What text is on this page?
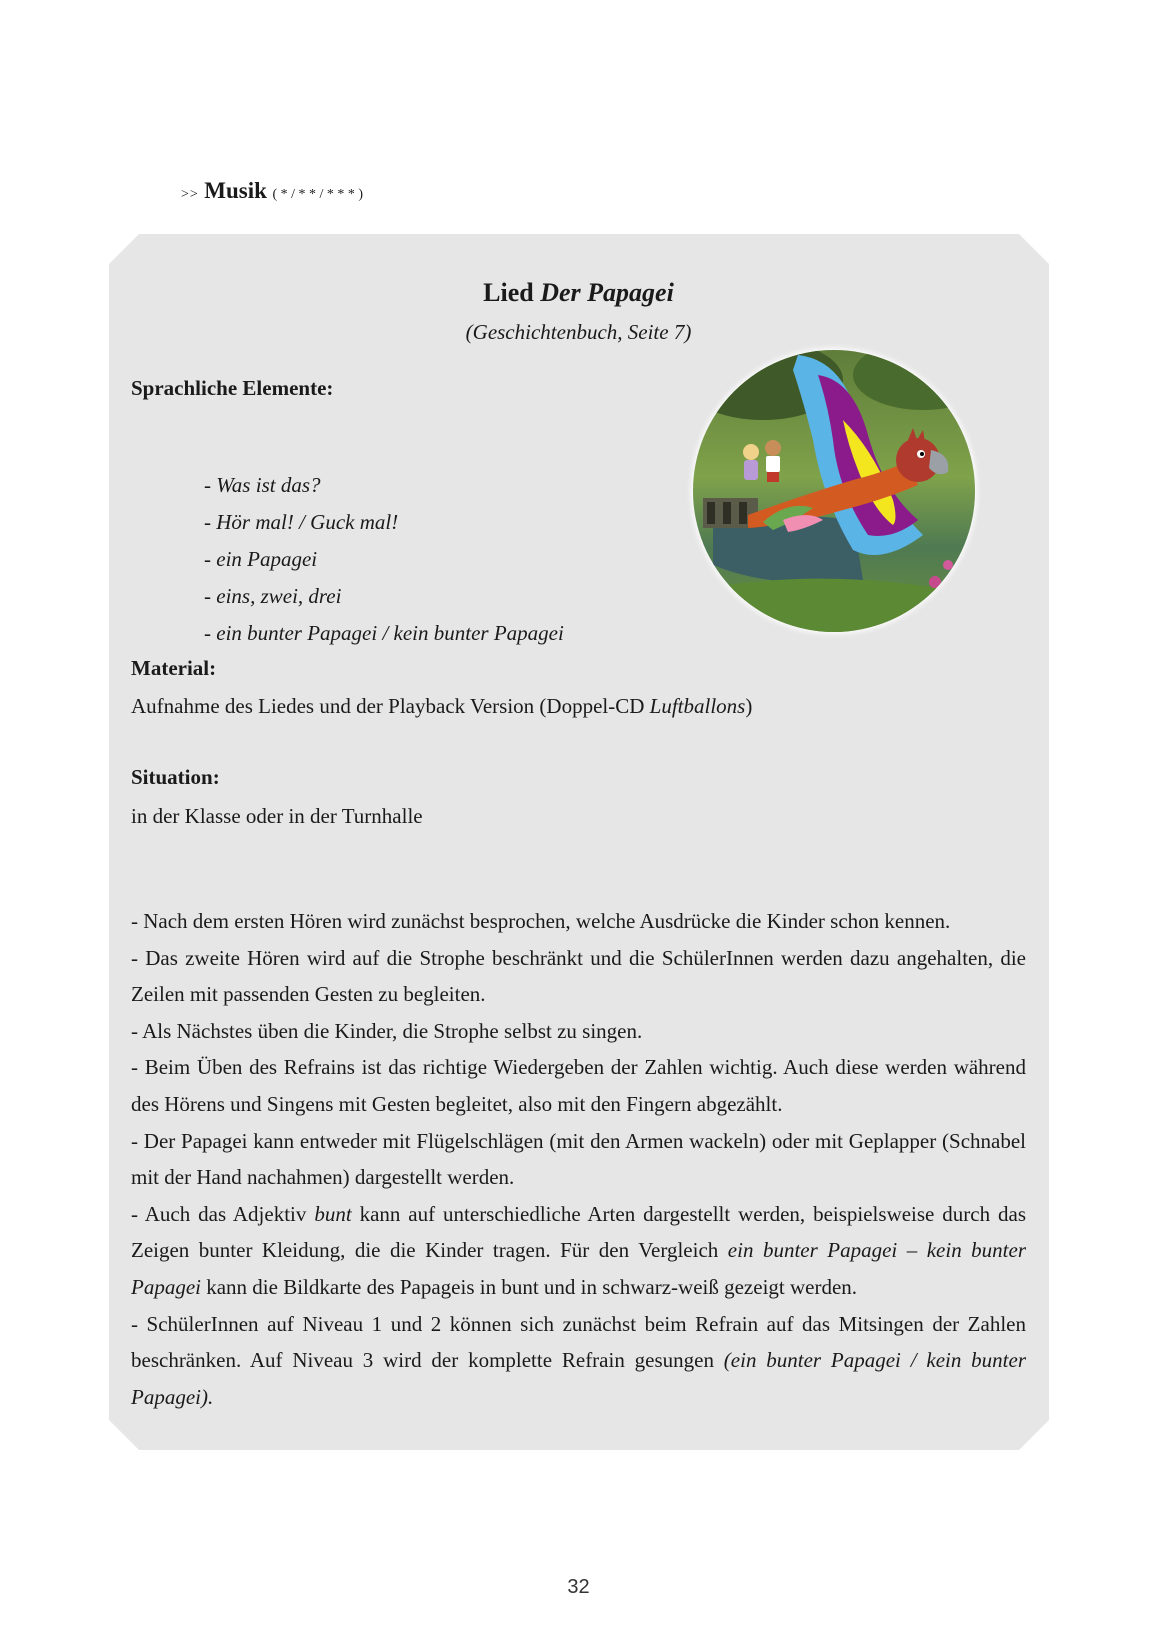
>> Musik ( * / * * / * * * )
Lied Der Papagei
(Geschichtenbuch, Seite 7)
Sprachliche Elemente:
- Was ist das?
- Hör mal! / Guck mal!
- ein Papagei
- eins, zwei, drei
- ein bunter Papagei / kein bunter Papagei
Material:
Aufnahme des Liedes und der Playback Version (Doppel-CD Luftballons)
Situation:
in der Klasse oder in der Turnhalle

- Nach dem ersten Hören wird zunächst besprochen, welche Ausdrücke die Kinder schon kennen.

- Das zweite Hören wird auf die Strophe beschränkt und die SchülerInnen werden dazu angehalten, die Zeilen mit passenden Gesten zu begleiten.

- Als Nächstes üben die Kinder, die Strophe selbst zu singen.

- Beim Üben des Refrains ist das richtige Wiedergeben der Zahlen wichtig. Auch diese werden während des Hörens und Singens mit Gesten begleitet, also mit den Fingern abgezählt.

- Der Papagei kann entweder mit Flügelschlägen (mit den Armen wackeln) oder mit Geplapper (Schnabel mit der Hand nachahmen) dargestellt werden.

- Auch das Adjektiv bunt kann auf unterschiedliche Arten dargestellt werden, beispielsweise durch das Zeigen bunter Kleidung, die die Kinder tragen. Für den Vergleich ein bunter Papagei – kein bunter Papagei kann die Bildkarte des Papageis in bunt und in schwarz-weiß gezeigt werden.

- SchülerInnen auf Niveau 1 und 2 können sich zunächst beim Refrain auf das Mitsingen der Zahlen beschränken. Auf Niveau 3 wird der komplette Refrain gesungen (ein bunter Papagei / kein bunter Papagei).

32
